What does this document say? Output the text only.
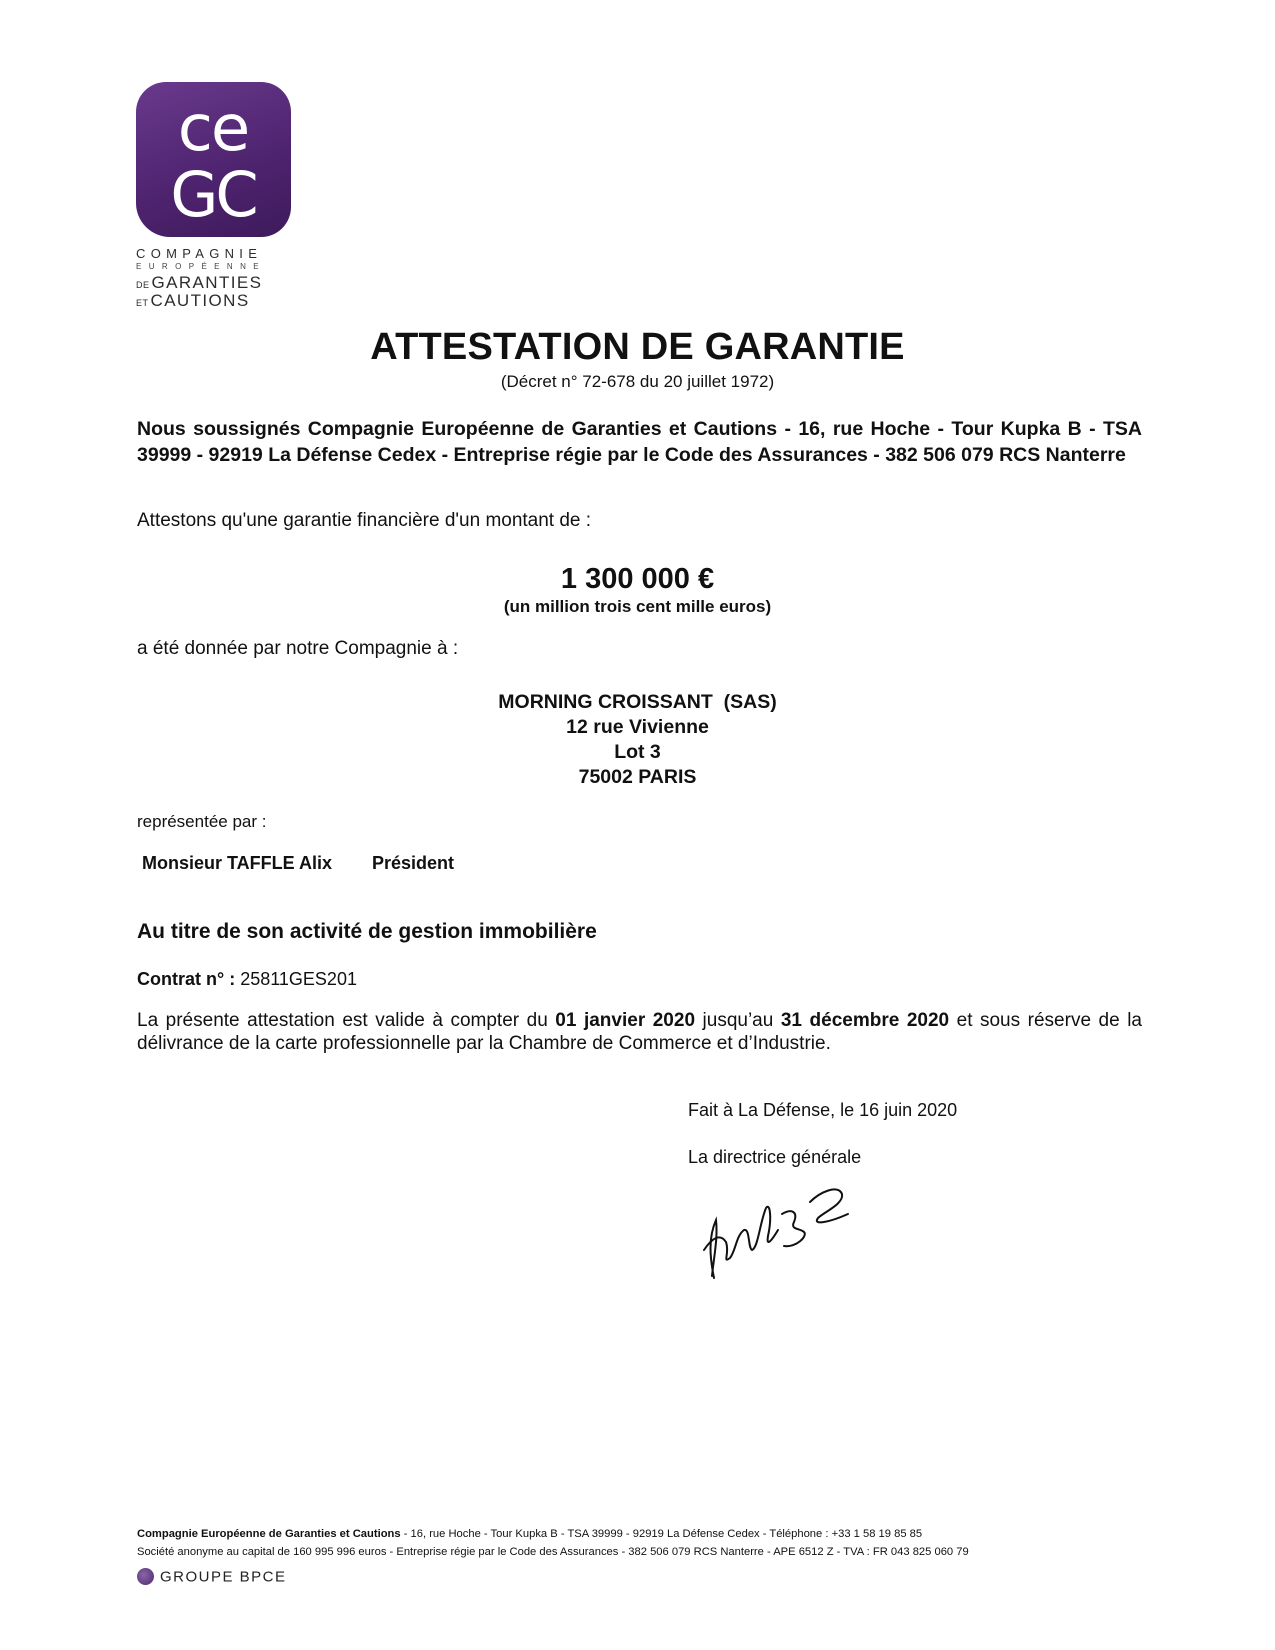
ce
GC
COMPAGNIE
EUROPÉENNE
DE GARANTIES
ET CAUTIONS
ATTESTATION DE GARANTIE
(Décret n° 72-678 du 20 juillet 1972)
Nous soussignés Compagnie Européenne de Garanties et Cautions - 16, rue Hoche - Tour Kupka B - TSA 39999 - 92919 La Défense Cedex - Entreprise régie par le Code des Assurances - 382 506 079 RCS Nanterre
Attestons qu'une garantie financière d'un montant de :
1 300 000 €
(un million trois cent mille euros)
a été donnée par notre Compagnie à :
MORNING CROISSANT  (SAS)
12 rue Vivienne
Lot 3
75002 PARIS
représentée par :
Monsieur TAFFLE Alix Président
Au titre de son activité de gestion immobilière
Contrat n° : 25811GES201
La présente attestation est valide à compter du 01 janvier 2020 jusqu’au 31 décembre 2020 et sous réserve de la délivrance de la carte professionnelle par la Chambre de Commerce et d’Industrie.
Fait à La Défense, le 16 juin 2020
La directrice générale
Compagnie Européenne de Garanties et Cautions - 16, rue Hoche - Tour Kupka B - TSA 39999 - 92919 La Défense Cedex - Téléphone : +33 1 58 19 85 85
Société anonyme au capital de 160 995 996 euros - Entreprise régie par le Code des Assurances - 382 506 079 RCS Nanterre - APE 6512 Z - TVA : FR 043 825 060 79
GROUPE BPCE
